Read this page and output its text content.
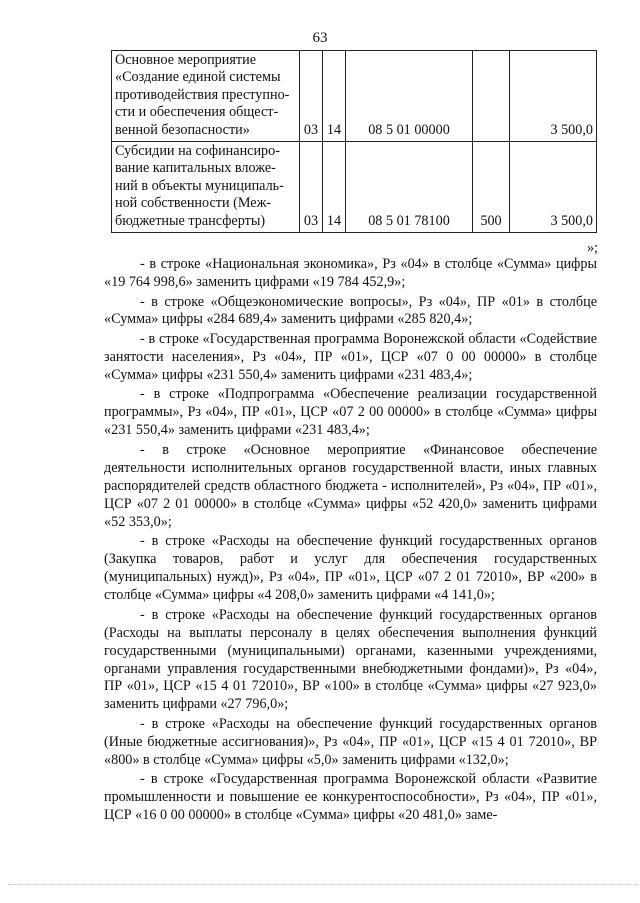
63
Основное мероприятие
«Создание единой системы
противодействия преступно-
сти и обеспечения общест-
венной безопасности»	03	14	08 5 01 00000		3 500,0

Субсидии на софинансиро-
вание капитальных вложе-
ний в объекты муниципаль-
ной собственности (Меж-
бюджетные трансферты)	03	14	08 5 01 78100	500	3 500,0
»;

- в строке «Национальная экономика», Рз «04» в столбце «Сумма» цифры «19 764 998,6» заменить цифрами «19 784 452,9»;

- в строке «Общеэкономические вопросы», Рз «04», ПР «01» в столбце «Сумма» цифры «284 689,4» заменить цифрами «285 820,4»;

- в строке «Государственная программа Воронежской области «Содействие занятости населения», Рз «04», ПР «01», ЦСР «07 0 00 00000» в столбце «Сумма» цифры «231 550,4» заменить цифрами «231 483,4»;

- в строке «Подпрограмма «Обеспечение реализации государственной программы», Рз «04», ПР «01», ЦСР «07 2 00 00000» в столбце «Сумма» цифры «231 550,4» заменить цифрами «231 483,4»;

- в строке «Основное мероприятие «Финансовое обеспечение деятельности исполнительных органов государственной власти, иных главных распорядителей средств областного бюджета - исполнителей», Рз «04», ПР «01», ЦСР «07 2 01 00000» в столбце «Сумма» цифры «52 420,0» заменить цифрами «52 353,0»;

- в строке «Расходы на обеспечение функций государственных органов (Закупка товаров, работ и услуг для обеспечения государственных (муниципальных) нужд)», Рз «04», ПР «01», ЦСР «07 2 01 72010», ВР «200» в столбце «Сумма» цифры «4 208,0» заменить цифрами «4 141,0»;

- в строке «Расходы на обеспечение функций государственных органов (Расходы на выплаты персоналу в целях обеспечения выполнения функций государственными (муниципальными) органами, казенными учреждениями, органами управления государственными внебюджетными фондами)», Рз «04», ПР «01», ЦСР «15 4 01 72010», ВР «100» в столбце «Сумма» цифры «27 923,0» заменить цифрами «27 796,0»;

- в строке «Расходы на обеспечение функций государственных органов (Иные бюджетные ассигнования)», Рз «04», ПР «01», ЦСР «15 4 01 72010», ВР «800» в столбце «Сумма» цифры «5,0» заменить цифрами «132,0»;

- в строке «Государственная программа Воронежской области «Развитие промышленности и повышение ее конкурентоспособности», Рз «04», ПР «01», ЦСР «16 0 00 00000» в столбце «Сумма» цифры «20 481,0» заме-
